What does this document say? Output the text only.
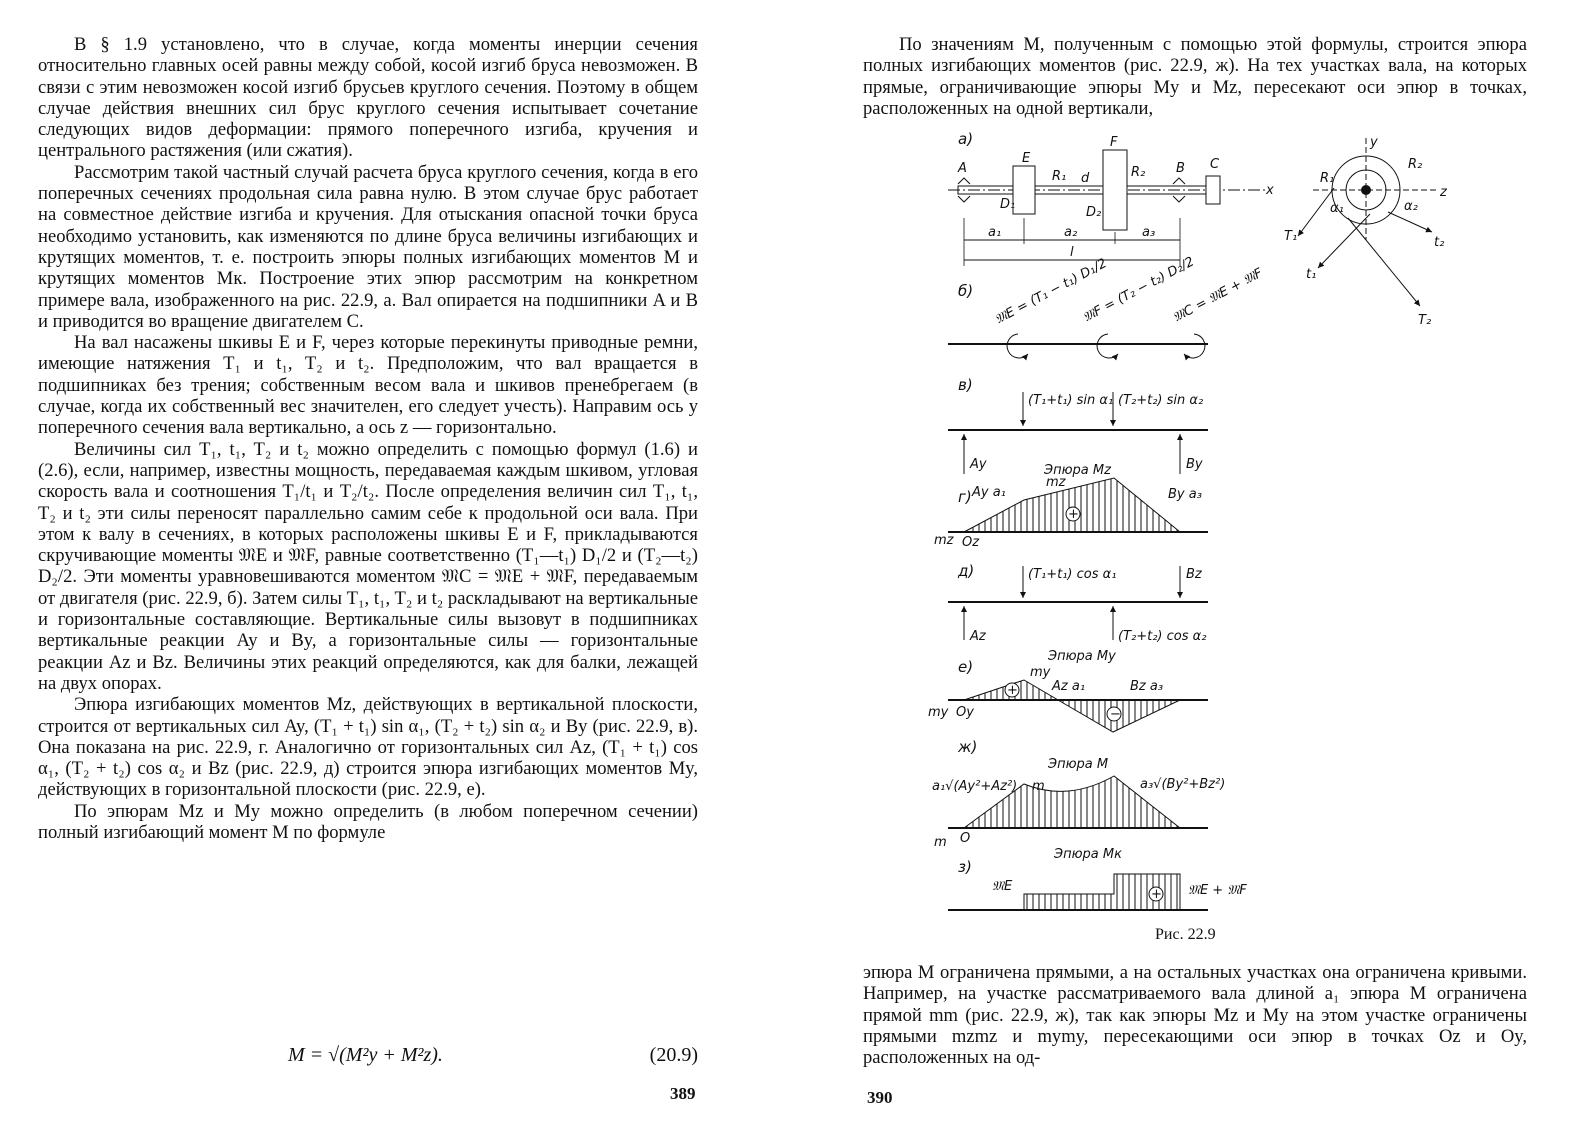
В § 1.9 установлено, что в случае, когда моменты инерции сечения относительно главных осей равны между собой, косой изгиб бруса невозможен. В связи с этим невозможен косой изгиб брусьев круглого сечения. Поэтому в общем случае действия внешних сил брус круглого сечения испытывает сочетание следующих видов деформации: прямого поперечного изгиба, кручения и центрального растяжения (или сжатия).

Рассмотрим такой частный случай расчета бруса круглого сечения, когда в его поперечных сечениях продольная сила равна нулю. В этом случае брус работает на совместное действие изгиба и кручения. Для отыскания опасной точки бруса необходимо установить, как изменяются по длине бруса величины изгибающих и крутящих моментов, т. е. построить эпюры полных изгибающих моментов M и крутящих моментов Mк. Построение этих эпюр рассмотрим на конкретном примере вала, изображенного на рис. 22.9, а. Вал опирается на подшипники A и B и приводится во вращение двигателем C.

На вал насажены шкивы E и F, через которые перекинуты приводные ремни, имеющие натяжения T₁ и t₁, T₂ и t₂. Предположим, что вал вращается в подшипниках без трения; собственным весом вала и шкивов пренебрегаем (в случае, когда их собственный вес значителен, его следует учесть). Направим ось y поперечного сечения вала вертикально, а ось z — горизонтально.

Величины сил T₁, t₁, T₂ и t₂ можно определить с помощью формул (1.6) и (2.6), если, например, известны мощность, передаваемая каждым шкивом, угловая скорость вала и соотношения T₁/t₁ и T₂/t₂. После определения величин сил T₁, t₁, T₂ и t₂ эти силы переносят параллельно самим себе к продольной оси вала. При этом к валу в сечениях, в которых расположены шкивы E и F, прикладываются скручивающие моменты 𝔐E и 𝔐F, равные соответственно (T₁—t₁) D₁/2 и (T₂—t₂) D₂/2. Эти моменты уравновешиваются моментом 𝔐C = 𝔐E + 𝔐F, передаваемым от двигателя (рис. 22.9, б). Затем силы T₁, t₁, T₂ и t₂ раскладывают на вертикальные и горизонтальные составляющие. Вертикальные силы вызовут в подшипниках вертикальные реакции Ay и By, а горизонтальные силы — горизонтальные реакции Az и Bz. Величины этих реакций определяются, как для балки, лежащей на двух опорах.

Эпюра изгибающих моментов Mz, действующих в вертикальной плоскости, строится от вертикальных сил Ay, (T₁ + t₁) sin α₁, (T₂ + t₂) sin α₂ и By (рис. 22.9, в). Она показана на рис. 22.9, г. Аналогично от горизонтальных сил Az, (T₁ + t₁) cos α₁, (T₂ + t₂) cos α₂ и Bz (рис. 22.9, д) строится эпюра изгибающих моментов My, действующих в горизонтальной плоскости (рис. 22.9, е).

По эпюрам Mz и My можно определить (в любом поперечном сечении) полный изгибающий момент M по формуле

M = √(M²y + M²z).	(20.9)
389

По значениям M, полученным с помощью этой формулы, строится эпюра полных изгибающих моментов (рис. 22.9, ж). На тех участках вала, на которых прямые, ограничивающие эпюры My и Mz, пересекают оси эпюр в точках, расположенных на одной вертикали,

а)
A
E
F
B C
x
R₁	R₂
d
D₁
D₂
a₁	a₂	a₃
l
y
z
R₁
R₂
α₁	α₂
T₁
t₁
t₂
T₂
б) 𝔐E = (T₁ − t₁) D₁/2
𝔐F = (T₂ − t₂) D₂/2
𝔐C = 𝔐E + 𝔐F
в)
(T₁+t₁) sin α₁ (T₂+t₂) sin α₂
Ay	By
Эпюра Mz
г)
+
Ay a₁
mz
By a₃
mz Oz
д)	(T₁+t₁) cos α₁	Bz
Az	(T₂+t₂) cos α₂
Эпюра My
е)
+
−
my
Az a₁	Bz a₃
my Oy
ж)
Эпюра M
a₁√(Ay²+Az²) m	a₃√(By²+Bz²)
m O
з)
Эпюра Mк
+
𝔐E	𝔐E + 𝔐F
Рис. 22.9

эпюра M ограничена прямыми, а на остальных участках она ограничена кривыми. Например, на участке рассматриваемого вала длиной a₁ эпюра M ограничена прямой mm (рис. 22.9, ж), так как эпюры Mz и My на этом участке ограничены прямыми mzmz и mymy, пересекающими оси эпюр в точках Oz и Oy, расположенных на од-

390
